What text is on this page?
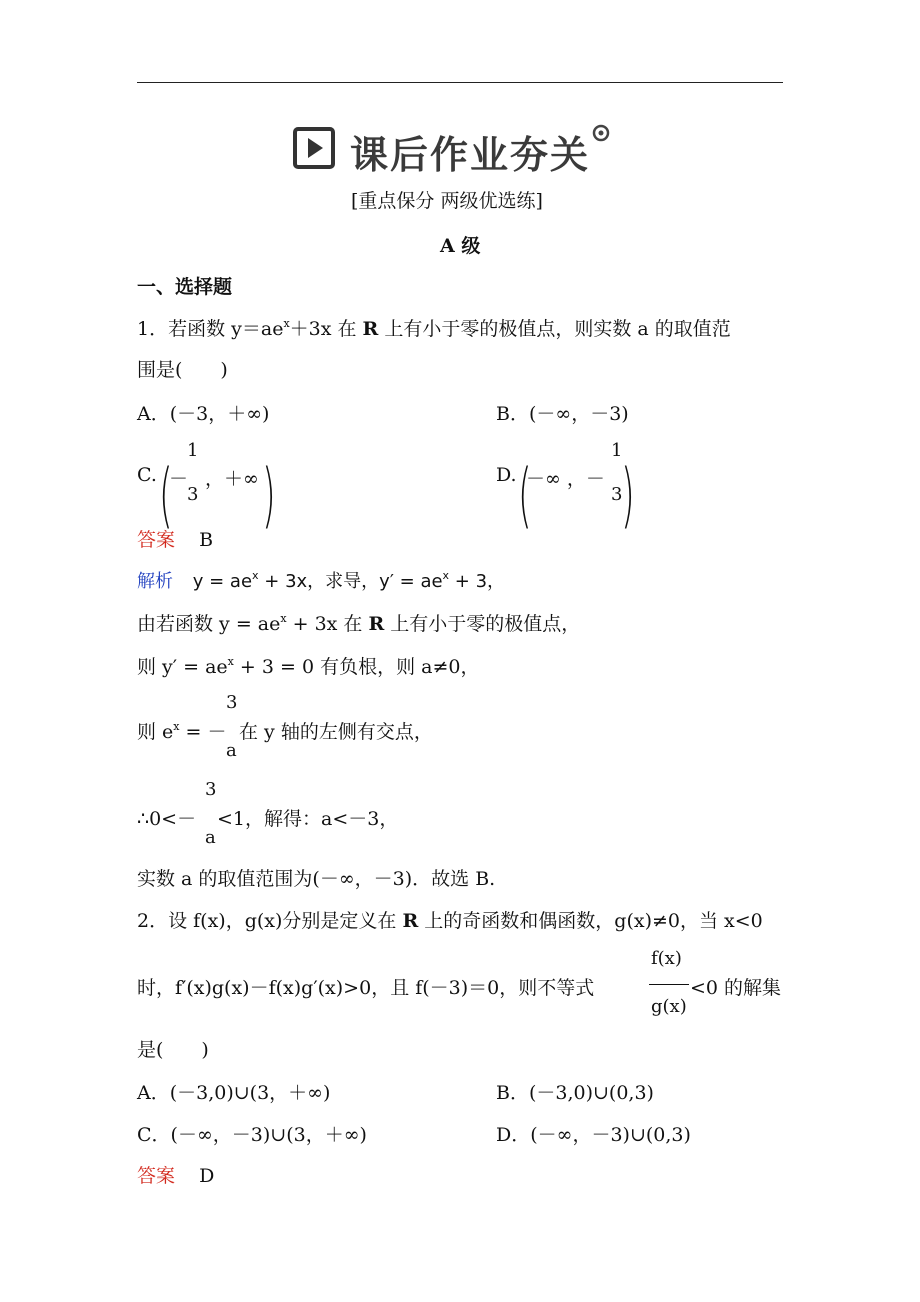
课后作业夯关
[重点保分 两级优选练]
A 级
一、选择题
1．若函数 $y=ae^x+3x$ 在 R 上有小于零的极值点，则实数 a 的取值范
围是(　　)
A．(－3，＋∞)	B．(－∞，－3)
C. (
－
1
3
，＋∞ )	D. (
－∞ ，－
1
3
)
答案 B
解析 $y = ae^x + 3x$，求导，$y' = ae^x + 3$，
由若函数 $y = ae^x + 3x$ 在 R 上有小于零的极值点，
则 $y' = ae^x + 3 = 0$ 有负根，则 a≠0，
则 $e^x$ = －
3
a
在 y 轴的左侧有交点，
∴0<－
3
a
<1，解得：a<－3，
实数 a 的取值范围为(－∞，－3)．故选 B.
2．设 f(x)，g(x)分别是定义在 R 上的奇函数和偶函数，g(x)≠0，当 x<0
时，f′(x)g(x)－f(x)g′(x)>0，且 f(－3)＝0，则不等式
f(x)
g(x)
<0 的解集
是(　　)
A．(－3,0)∪(3，＋∞)	B．(－3,0)∪(0,3)
C．(－∞，－3)∪(3，＋∞)	D．(－∞，－3)∪(0,3)
答案 D
